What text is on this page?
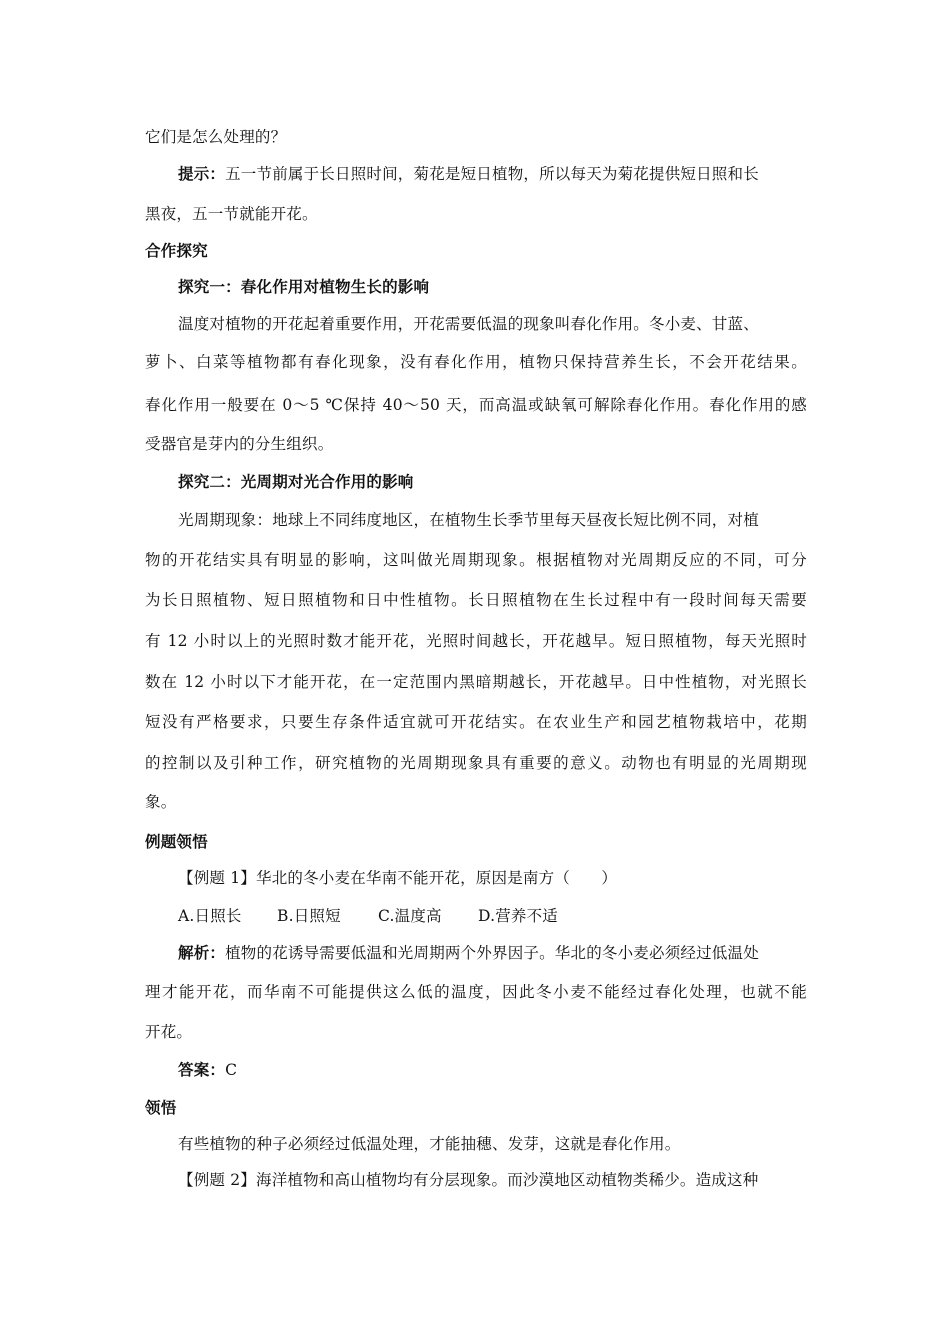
它们是怎么处理的？
提示：五一节前属于长日照时间，菊花是短日植物，所以每天为菊花提供短日照和长
黑夜，五一节就能开花。
合作探究
探究一：春化作用对植物生长的影响
温度对植物的开花起着重要作用，开花需要低温的现象叫春化作用。冬小麦、甘蓝、
萝卜、白菜等植物都有春化现象，没有春化作用，植物只保持营养生长，不会开花结果。
春化作用一般要在 0～5 ℃保持 40～50 天，而高温或缺氧可解除春化作用。春化作用的感
受器官是芽内的分生组织。
探究二：光周期对光合作用的影响
光周期现象：地球上不同纬度地区，在植物生长季节里每天昼夜长短比例不同，对植
物的开花结实具有明显的影响，这叫做光周期现象。根据植物对光周期反应的不同，可分
为长日照植物、短日照植物和日中性植物。长日照植物在生长过程中有一段时间每天需要
有 12 小时以上的光照时数才能开花，光照时间越长，开花越早。短日照植物，每天光照时
数在 12 小时以下才能开花，在一定范围内黑暗期越长，开花越早。日中性植物，对光照长
短没有严格要求，只要生存条件适宜就可开花结实。在农业生产和园艺植物栽培中，花期
的控制以及引种工作，研究植物的光周期现象具有重要的意义。动物也有明显的光周期现
象。
例题领悟
【例题 1】华北的冬小麦在华南不能开花，原因是南方（　　）
A.日照长 B.日照短 C.温度高 D.营养不适
解析：植物的花诱导需要低温和光周期两个外界因子。华北的冬小麦必须经过低温处
理才能开花，而华南不可能提供这么低的温度，因此冬小麦不能经过春化处理，也就不能
开花。
答案：C
领悟
有些植物的种子必须经过低温处理，才能抽穗、发芽，这就是春化作用。
【例题 2】海洋植物和高山植物均有分层现象。而沙漠地区动植物类稀少。造成这种
